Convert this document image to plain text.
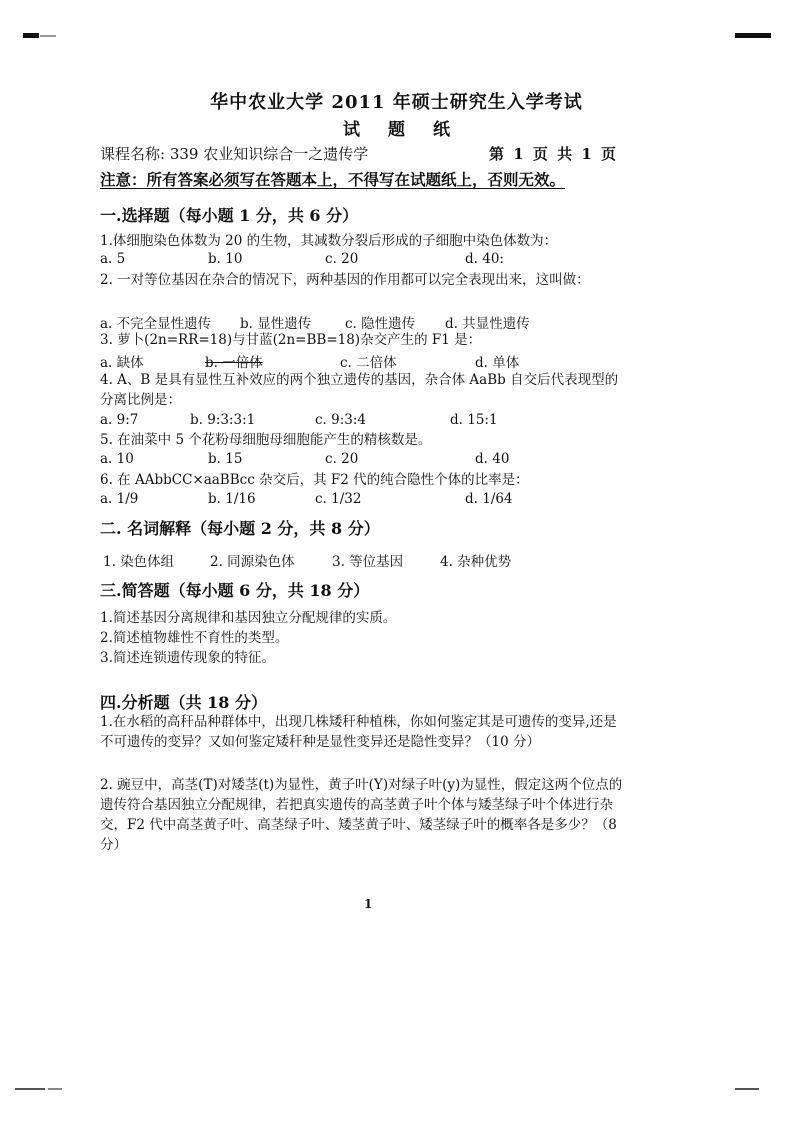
华中农业大学 2011 年硕士研究生入学考试
试 题 纸
课程名称: 339 农业知识综合一之遗传学	第 1 页 共 1 页
注意：所有答案必须写在答题本上，不得写在试题纸上，否则无效。
一.选择题（每小题 1 分，共 6 分）
1.体细胞染色体数为 20 的生物，其减数分裂后形成的子细胞中染色体数为：
a. 5	b. 10	c. 20	d. 40:
2. 一对等位基因在杂合的情况下，两种基因的作用都可以完全表现出来，这叫做：
a. 不完全显性遗传 b. 显性遗传	c. 隐性遗传 d. 共显性遗传
3. 萝卜(2n=RR=18)与甘蓝(2n=BB=18)杂交产生的 F1 是：
a. 缺体	b. 一倍体	c. 二倍体	d. 单体
4. A、B 是具有显性互补效应的两个独立遗传的基因，杂合体 AaBb 自交后代表现型的分离比例是：
a. 9:7	b. 9:3:3:1	c. 9:3:4	d. 15:1
5. 在油菜中 5 个花粉母细胞母细胞能产生的精核数是。
a. 10	b. 15	c. 20	d. 40
6. 在 AAbbCC×aaBBcc 杂交后，其 F2 代的纯合隐性个体的比率是：
a. 1/9	b. 1/16	c. 1/32	d. 1/64
二. 名词解释（每小题 2 分，共 8 分）
1. 染色体组	2. 同源染色体	3. 等位基因	4. 杂种优势
三.简答题（每小题 6 分，共 18 分）
1.简述基因分离规律和基因独立分配规律的实质。
2.简述植物雄性不育性的类型。
3.简述连锁遗传现象的特征。
四.分析题（共 18 分）
1.在水稻的高秆品种群体中，出现几株矮秆种植株，你如何鉴定其是可遗传的变异,还是不可遗传的变异？又如何鉴定矮秆种是显性变异还是隐性变异？（10 分）
2. 豌豆中，高茎(T)对矮茎(t)为显性，黄子叶(Y)对绿子叶(y)为显性，假定这两个位点的遗传符合基因独立分配规律，若把真实遗传的高茎黄子叶个体与矮茎绿子叶个体进行杂交，F2 代中高茎黄子叶、高茎绿子叶、矮茎黄子叶、矮茎绿子叶的概率各是多少？（8 分）
1
